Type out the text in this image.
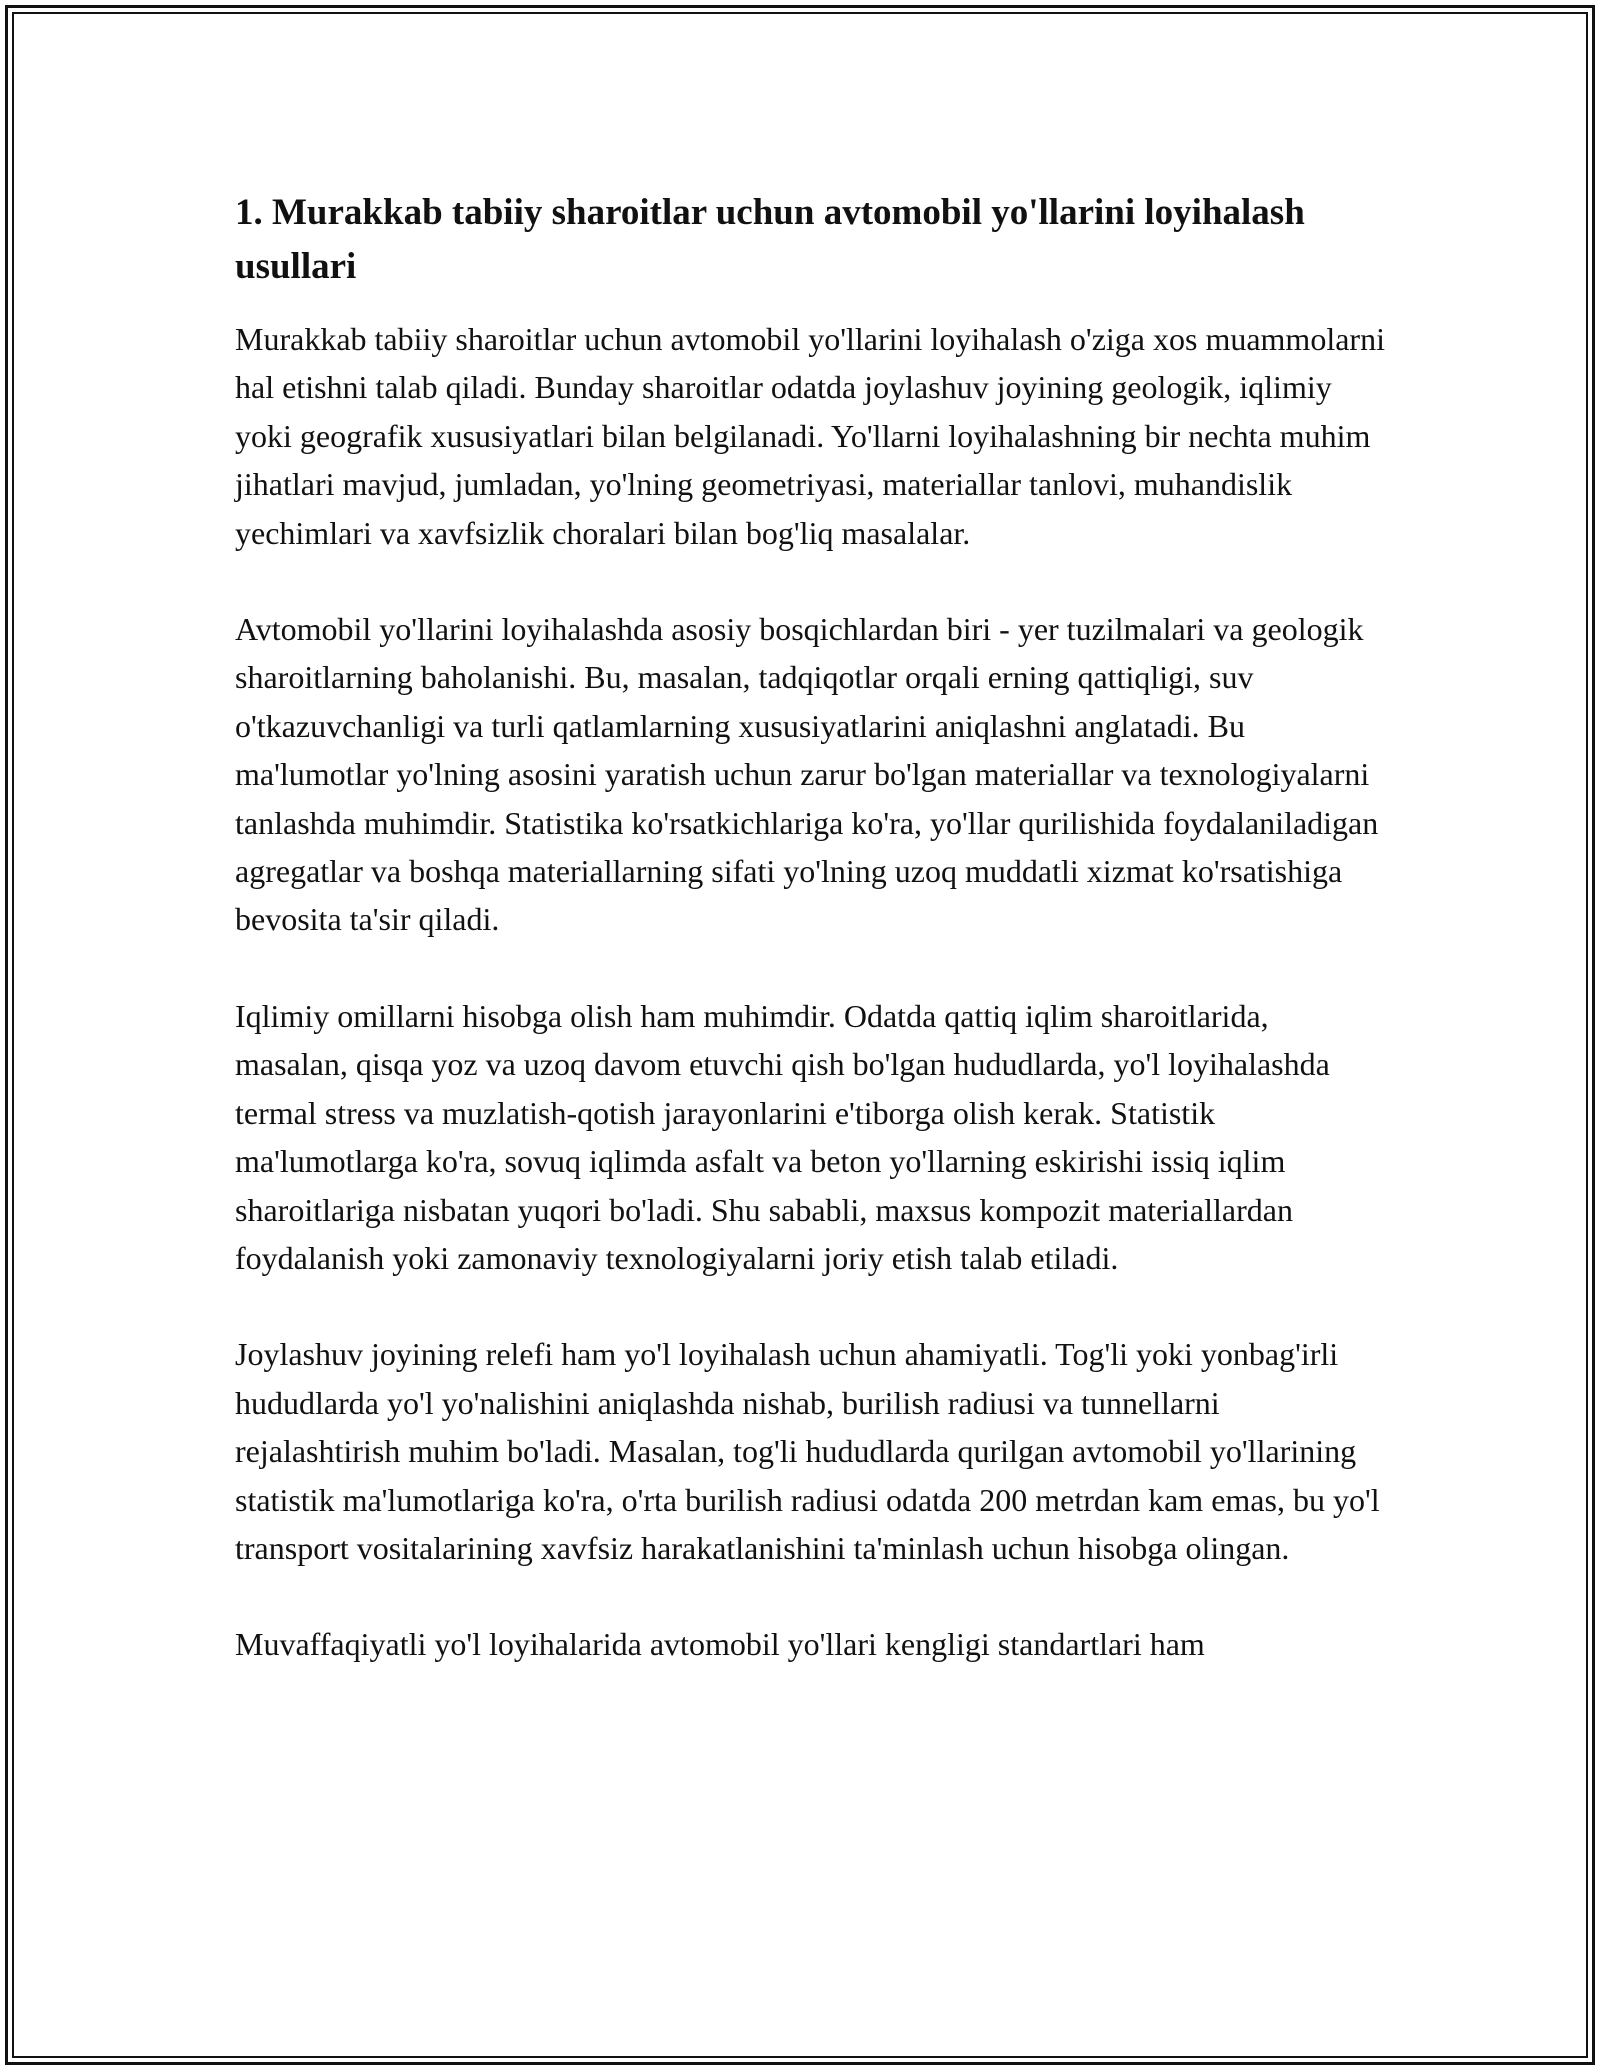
1. Murakkab tabiiy sharoitlar uchun avtomobil yo'llarini loyihalash usullari

Murakkab tabiiy sharoitlar uchun avtomobil yo'llarini loyihalash o'ziga xos muammolarni hal etishni talab qiladi. Bunday sharoitlar odatda joylashuv joyining geologik, iqlimiy yoki geografik xususiyatlari bilan belgilanadi. Yo'llarni loyihalashning bir nechta muhim jihatlari mavjud, jumladan, yo'lning geometriyasi, materiallar tanlovi, muhandislik yechimlari va xavfsizlik choralari bilan bog'liq masalalar.

Avtomobil yo'llarini loyihalashda asosiy bosqichlardan biri - yer tuzilmalari va geologik sharoitlarning baholanishi. Bu, masalan, tadqiqotlar orqali erning qattiqligi, suv o'tkazuvchanligi va turli qatlamlarning xususiyatlarini aniqlashni anglatadi. Bu ma'lumotlar yo'lning asosini yaratish uchun zarur bo'lgan materiallar va texnologiyalarni tanlashda muhimdir. Statistika ko'rsatkichlariga ko'ra, yo'llar qurilishida foydalaniladigan agregatlar va boshqa materiallarning sifati yo'lning uzoq muddatli xizmat ko'rsatishiga bevosita ta'sir qiladi.

Iqlimiy omillarni hisobga olish ham muhimdir. Odatda qattiq iqlim sharoitlarida, masalan, qisqa yoz va uzoq davom etuvchi qish bo'lgan hududlarda, yo'l loyihalashda termal stress va muzlatish-qotish jarayonlarini e'tiborga olish kerak. Statistik ma'lumotlarga ko'ra, sovuq iqlimda asfalt va beton yo'llarning eskirishi issiq iqlim sharoitlariga nisbatan yuqori bo'ladi. Shu sababli, maxsus kompozit materiallardan foydalanish yoki zamonaviy texnologiyalarni joriy etish talab etiladi.

Joylashuv joyining relefi ham yo'l loyihalash uchun ahamiyatli. Tog'li yoki yonbag'irli hududlarda yo'l yo'nalishini aniqlashda nishab, burilish radiusi va tunnellarni rejalashtirish muhim bo'ladi. Masalan, tog'li hududlarda qurilgan avtomobil yo'llarining statistik ma'lumotlariga ko'ra, o'rta burilish radiusi odatda 200 metrdan kam emas, bu yo'l transport vositalarining xavfsiz harakatlanishini ta'minlash uchun hisobga olingan.

Muvaffaqiyatli yo'l loyihalarida avtomobil yo'llari kengligi standartlari ham
